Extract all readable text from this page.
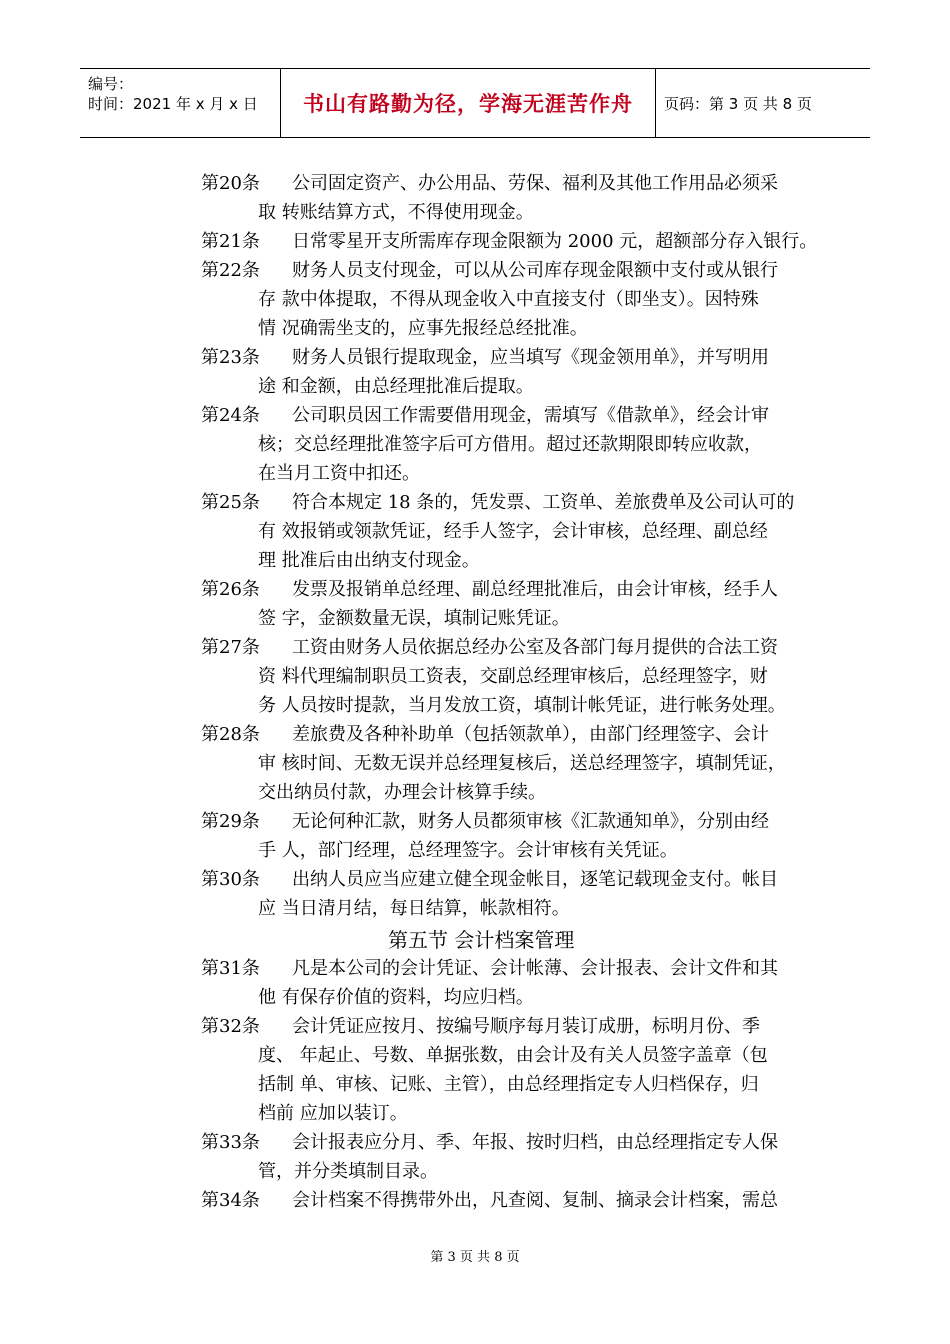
编号：
时间：2021 年 x 月 x 日	书山有路勤为径，学海无涯苦作舟	页码：第 3 页 共 8 页
第20条 公司固定资产、办公用品、劳保、福利及其他工作用品必须采
取 转账结算方式，不得使用现金。
第21条 日常零星开支所需库存现金限额为 2000 元，超额部分存入银行。
第22条 财务人员支付现金，可以从公司库存现金限额中支付或从银行
存 款中体提取，不得从现金收入中直接支付（即坐支）。因特殊
情 况确需坐支的，应事先报经总经批准。
第23条 财务人员银行提取现金，应当填写《现金领用单》，并写明用
途 和金额，由总经理批准后提取。
第24条 公司职员因工作需要借用现金，需填写《借款单》，经会计审
核；交总经理批准签字后可方借用。超过还款期限即转应收款，
在当月工资中扣还。
第25条 符合本规定 18 条的，凭发票、工资单、差旅费单及公司认可的
有 效报销或领款凭证，经手人签字，会计审核，总经理、副总经
理 批准后由出纳支付现金。
第26条 发票及报销单总经理、副总经理批准后，由会计审核，经手人
签 字，金额数量无误，填制记账凭证。
第27条 工资由财务人员依据总经办公室及各部门每月提供的合法工资
资 料代理编制职员工资表，交副总经理审核后，总经理签字，财
务 人员按时提款，当月发放工资，填制计帐凭证，进行帐务处理。
第28条 差旅费及各种补助单（包括领款单），由部门经理签字、会计
审 核时间、无数无误并总经理复核后，送总经理签字，填制凭证，
交出纳员付款，办理会计核算手续。
第29条 无论何种汇款，财务人员都须审核《汇款通知单》，分别由经
手 人，部门经理，总经理签字。会计审核有关凭证。
第30条 出纳人员应当应建立健全现金帐目，逐笔记载现金支付。帐目
应 当日清月结，每日结算，帐款相符。
第五节 会计档案管理
第31条 凡是本公司的会计凭证、会计帐薄、会计报表、会计文件和其
他 有保存价值的资料，均应归档。
第32条 会计凭证应按月、按编号顺序每月装订成册，标明月份、季
度、 年起止、号数、单据张数，由会计及有关人员签字盖章（包
括制 单、审核、记账、主管），由总经理指定专人归档保存，归
档前 应加以装订。
第33条 会计报表应分月、季、年报、按时归档，由总经理指定专人保
管，并分类填制目录。
第34条 会计档案不得携带外出，凡查阅、复制、摘录会计档案，需总
第 3 页 共 8 页
